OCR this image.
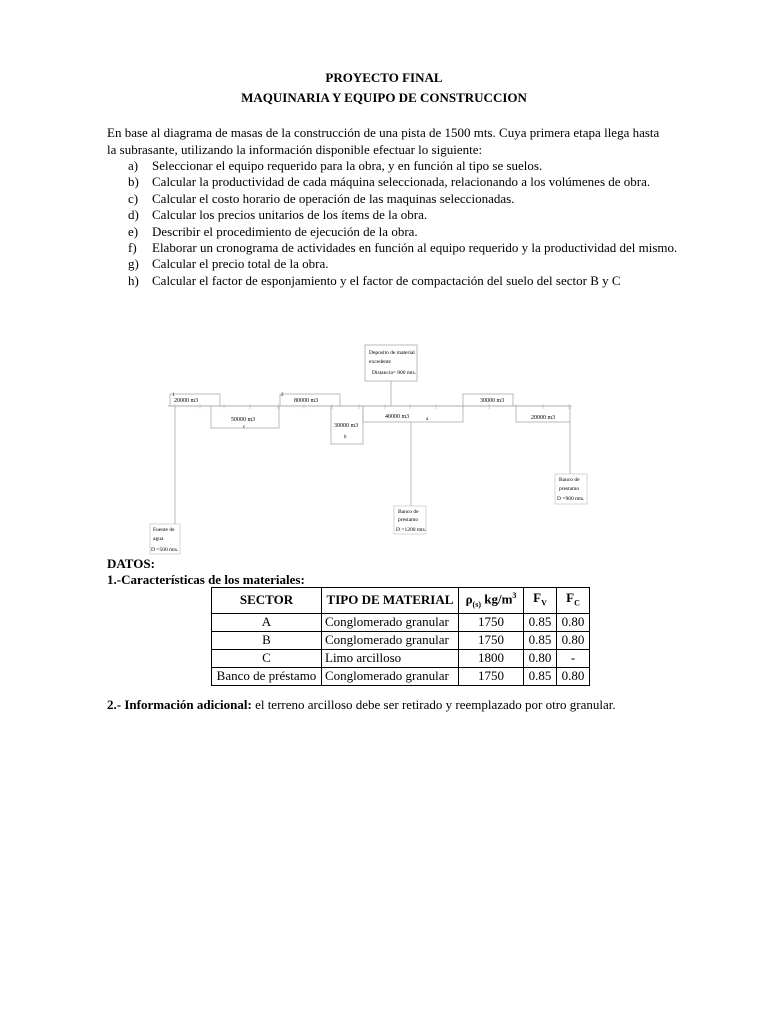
PROYECTO FINAL
MAQUINARIA Y EQUIPO DE CONSTRUCCION

En base al diagrama de masas de la construcción de una pista de 1500 mts. Cuya primera etapa llega hasta la subrasante, utilizando la información disponible efectuar lo siguiente:

a) Seleccionar el equipo requerido para la obra, y en función al tipo se suelos.
b) Calcular la productividad de cada máquina seleccionada, relacionando a los volúmenes de obra.
c) Calcular el costo horario de operación de las maquinas seleccionadas.
d) Calcular los precios unitarios de los ítems de la obra.
e) Describir el procedimiento de ejecución de la obra.
f) Elaborar un cronograma de actividades en función al equipo requerido y la productividad del mismo.
g) Calcular el precio total de la obra.
h) Calcular el factor de esponjamiento y el factor de compactación del suelo del sector B y C
Deposito de material
excedente
Distancia= 800 mts.
20000 m3	80000 m3	30000 m3
50000 m3
c	30000 m3
b
40000 m3	a	20000 m3
2
1
Banco de
prestamo
D =1200 mts.
Banco de
prestamo
D =900 mts.
Fuente de
agua
D =500 mts.
DATOS:
1.-Características de los materiales:
SECTOR	TIPO DE MATERIAL	$\rho_{(s)}$ $kg/m^3$	$F_V$	$F_C$
A	Conglomerado granular	1750	0.85	0.80
B	Conglomerado granular	1750	0.85	0.80
C	Limo arcilloso	1800	0.80	-
Banco de préstamo	Conglomerado granular	1750	0.85	0.80

2.- Información adicional: el terreno arcilloso debe ser retirado y reemplazado por otro granular.
